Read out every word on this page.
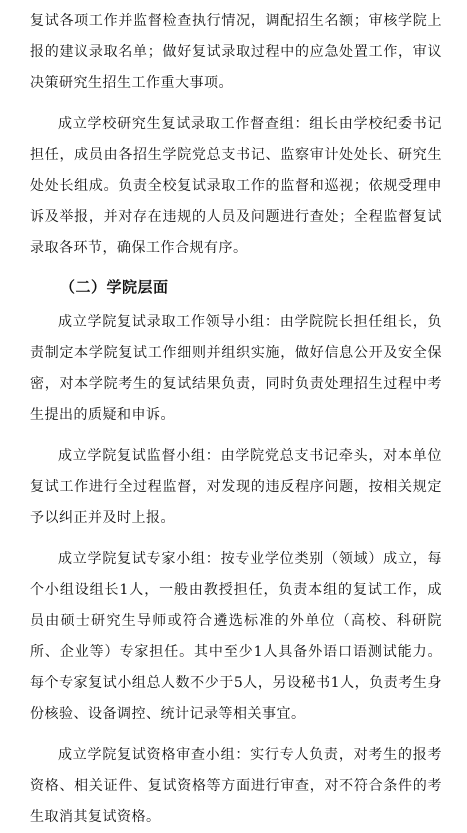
复试各项工作并监督检查执行情况，调配招生名额；审核学院上报的建议录取名单；做好复试录取过程中的应急处置工作，审议决策研究生招生工作重大事项。

成立学校研究生复试录取工作督查组：组长由学校纪委书记担任，成员由各招生学院党总支书记、监察审计处处长、研究生处处长组成。负责全校复试录取工作的监督和巡视；依规受理申诉及举报，并对存在违规的人员及问题进行查处；全程监督复试录取各环节，确保工作合规有序。

（二）学院层面

成立学院复试录取工作领导小组：由学院院长担任组长，负责制定本学院复试工作细则并组织实施，做好信息公开及安全保密，对本学院考生的复试结果负责，同时负责处理招生过程中考生提出的质疑和申诉。

成立学院复试监督小组：由学院党总支书记牵头，对本单位复试工作进行全过程监督，对发现的违反程序问题，按相关规定予以纠正并及时上报。

成立学院复试专家小组：按专业学位类别（领域）成立，每个小组设组长1人，一般由教授担任，负责本组的复试工作，成员由硕士研究生导师或符合遴选标准的外单位（高校、科研院所、企业等）专家担任。其中至少1人具备外语口语测试能力。每个专家复试小组总人数不少于5人，另设秘书1人，负责考生身份核验、设备调控、统计记录等相关事宜。

成立学院复试资格审查小组：实行专人负责，对考生的报考资格、相关证件、复试资格等方面进行审查，对不符合条件的考生取消其复试资格。
